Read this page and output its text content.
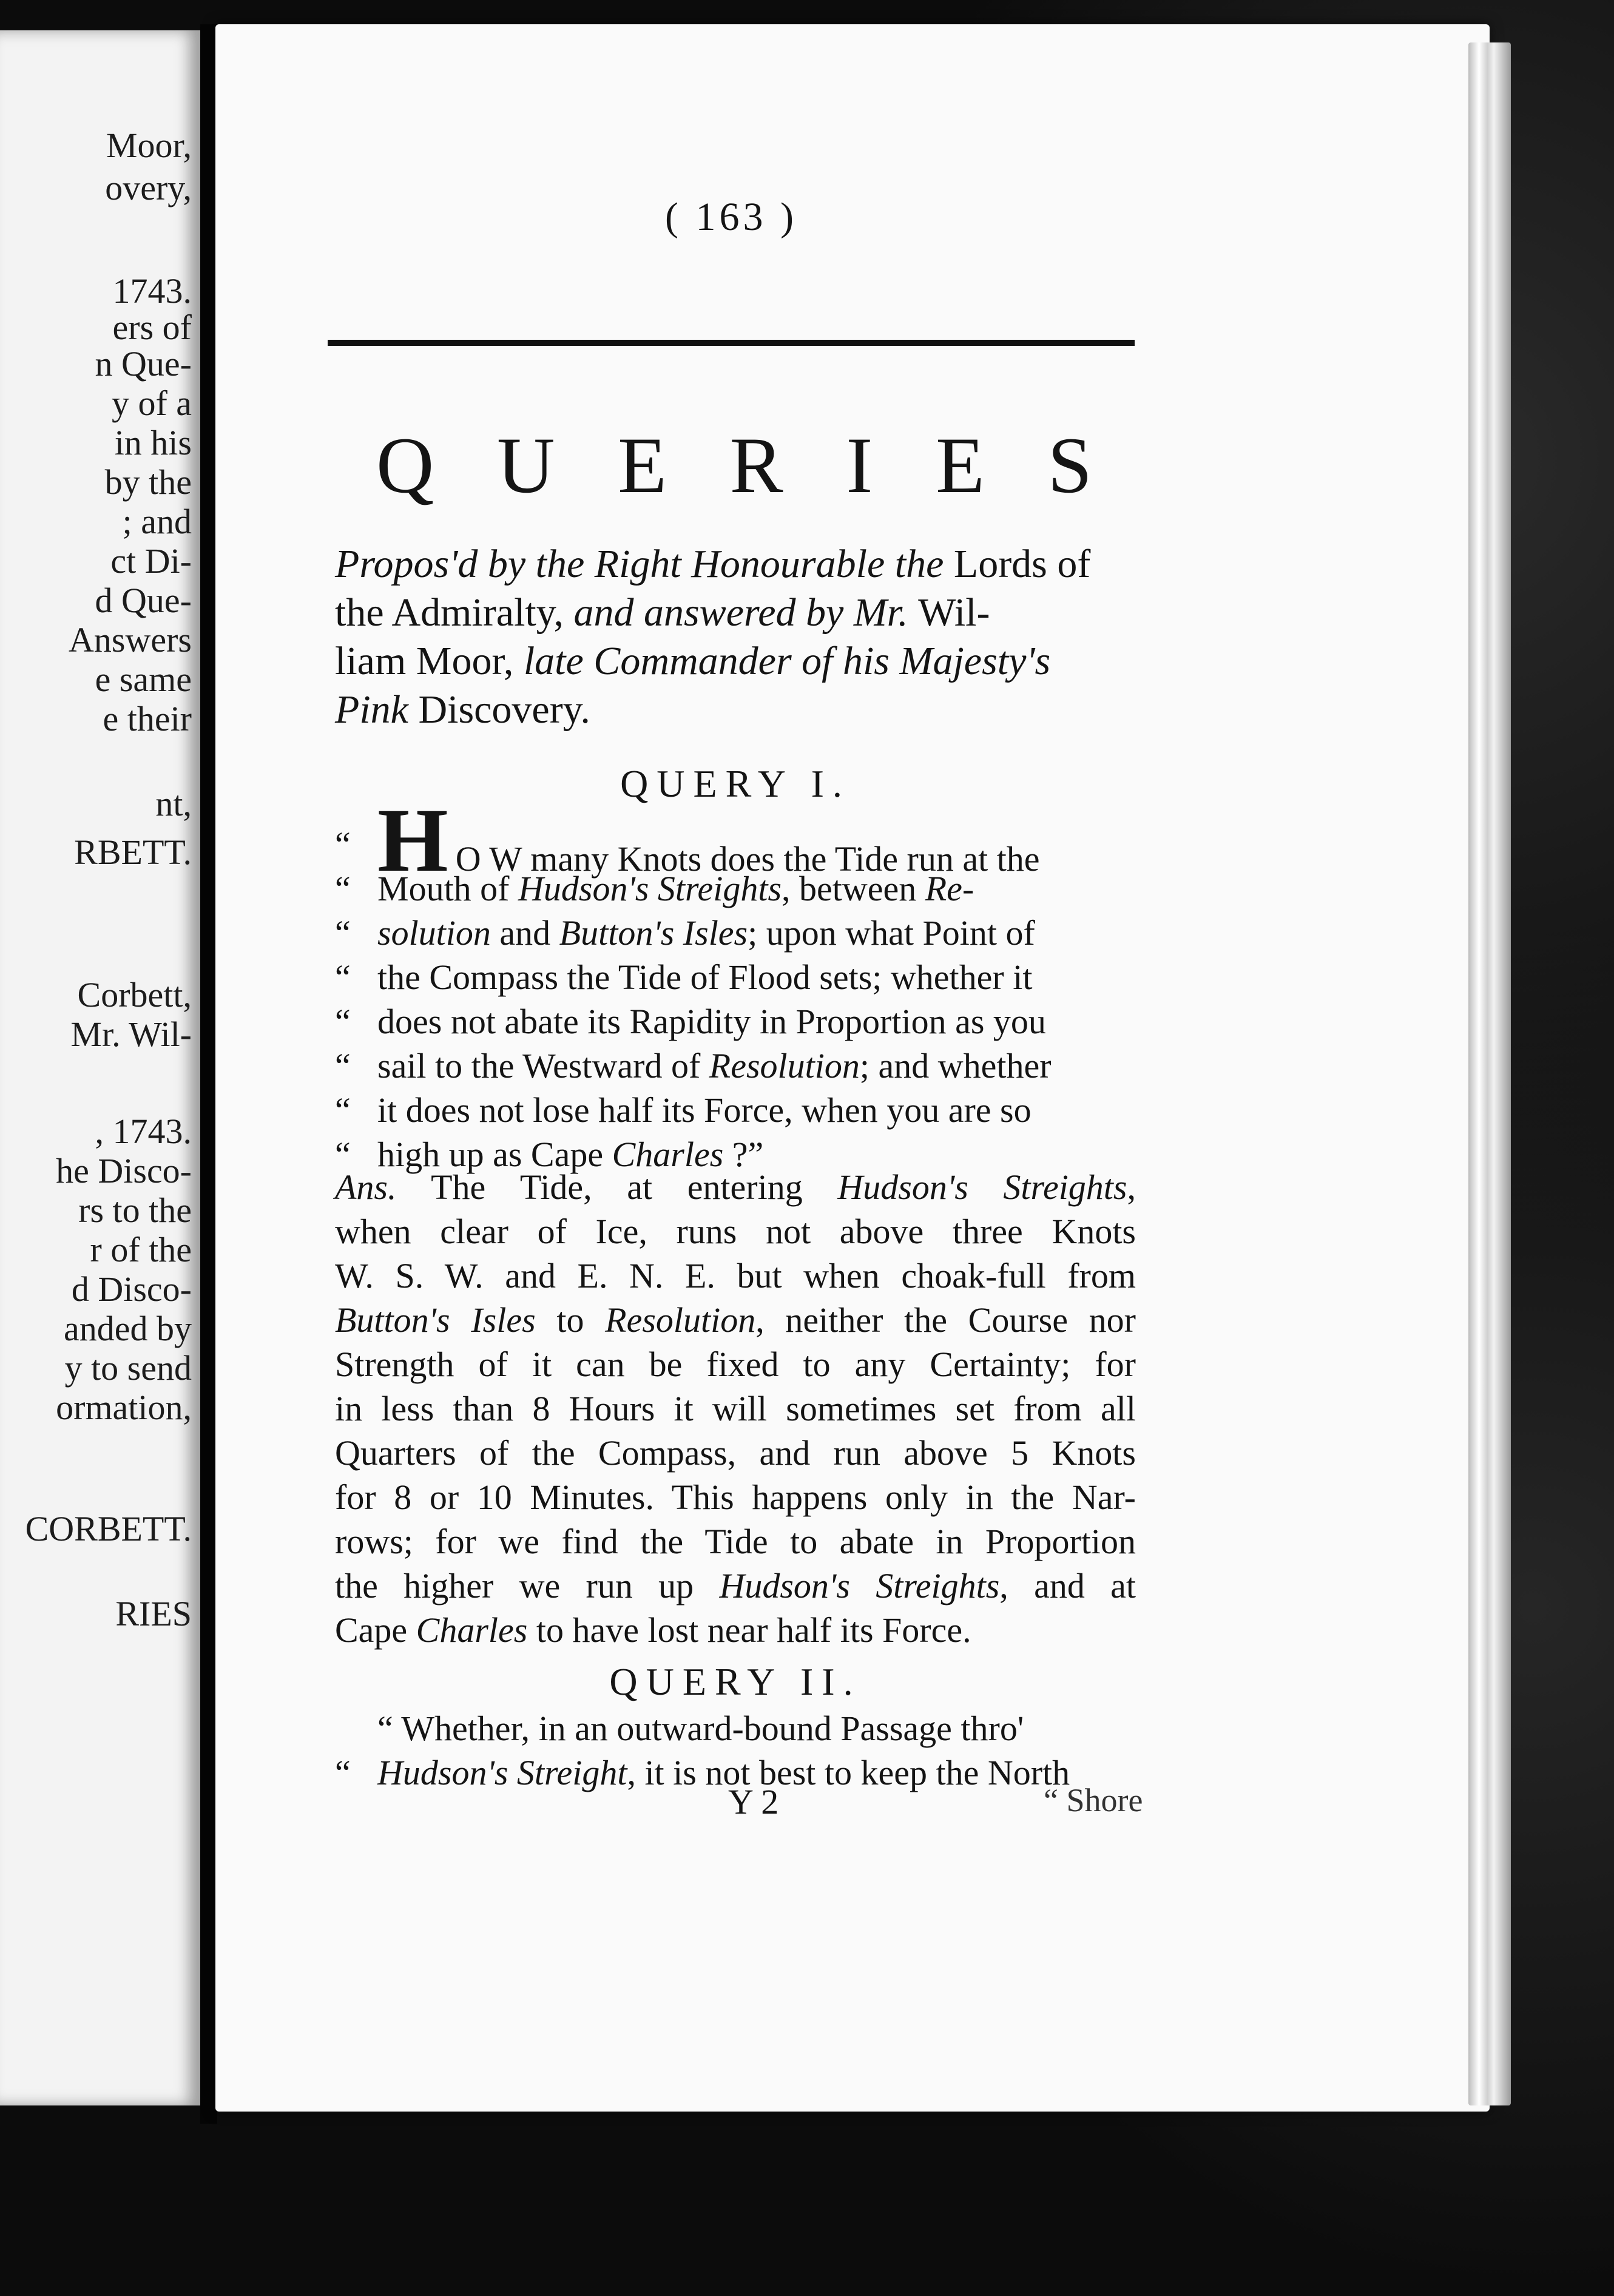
Moor,
overy,
1743.
ers of
n Que-
y of a
in his
by the
; and
ct Di-
d Que-
Answers
e same
e their
nt,
RBETT.
Corbett,
Mr. Wil-
, 1743.
he Disco-
rs to the
r of the
d Disco-
anded by
y to send
ormation,
CORBETT.
RIES
( 163 )
Q U E R I E S
Propos'd by the Right Honourable the Lords of
the Admiralty, and answered by Mr. Wil-
liam Moor, late Commander of his Majesty's
Pink Discovery.
QUERY I.
“ H O W many Knots does the Tide run at the
“ Mouth of Hudson's Streights, between Re-
“ solution and Button's Isles; upon what Point of
“ the Compass the Tide of Flood sets; whether it
“ does not abate its Rapidity in Proportion as you
“ sail to the Westward of Resolution; and whether
“ it does not lose half its Force, when you are so
“ high up as Cape Charles ?”
Ans. The Tide, at entering Hudson's Streights,
when clear of Ice, runs not above three Knots
W. S. W. and E. N. E. but when choak-full from
Button's Isles to Resolution, neither the Course nor
Strength of it can be fixed to any Certainty; for
in less than 8 Hours it will sometimes set from all
Quarters of the Compass, and run above 5 Knots
for 8 or 10 Minutes. This happens only in the Nar-
rows; for we find the Tide to abate in Proportion
the higher we run up Hudson's Streights, and at
Cape Charles to have lost near half its Force.
QUERY II.
“ Whether, in an outward-bound Passage thro'
“ Hudson's Streight, it is not best to keep the North
Y 2	“ Shore
